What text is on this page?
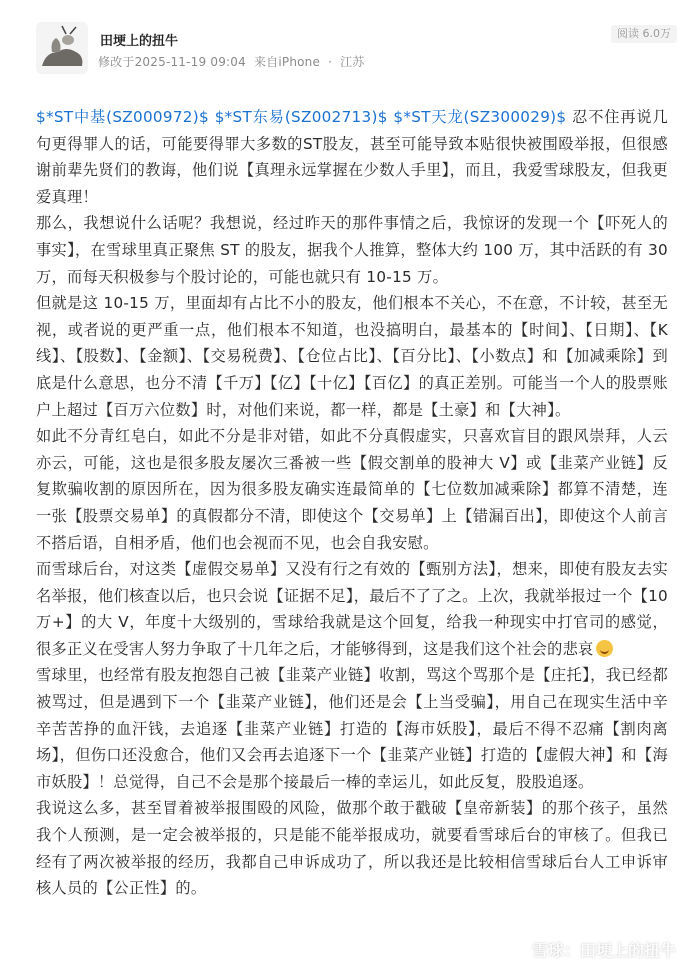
田埂上的扭牛
修改于2025-11-19 09:04 来自iPhone · 江苏
阅读 6.0万

$*ST中基(SZ000972)$ $*ST东易(SZ002713)$ $*ST天龙(SZ300029)$ 忍不住再说几句更得罪人的话，可能要得罪大多数的ST股友，甚至可能导致本贴很快被围殴举报，但很感谢前辈先贤们的教诲，他们说【真理永远掌握在少数人手里】，而且，我爱雪球股友，但我更爱真理！

那么，我想说什么话呢？我想说，经过昨天的那件事情之后，我惊讶的发现一个【吓死人的事实】，在雪球里真正聚焦 ST 的股友，据我个人推算，整体大约 100 万，其中活跃的有 30 万，而每天积极参与个股讨论的，可能也就只有 10-15 万。

但就是这 10-15 万，里面却有占比不小的股友，他们根本不关心，不在意，不计较，甚至无视，或者说的更严重一点，他们根本不知道，也没搞明白，最基本的【时间】、【日期】、【K线】、【股数】、【金额】、【交易税费】、【仓位占比】、【百分比】、【小数点】和【加减乘除】到底是什么意思，也分不清【千万】【亿】【十亿】【百亿】的真正差别。可能当一个人的股票账户上超过【百万六位数】时，对他们来说，都一样，都是【土豪】和【大神】。

如此不分青红皂白，如此不分是非对错，如此不分真假虚实，只喜欢盲目的跟风崇拜，人云亦云，可能，这也是很多股友屡次三番被一些【假交割单的股神大 V】或【韭菜产业链】反复欺骗收割的原因所在，因为很多股友确实连最简单的【七位数加减乘除】都算不清楚，连一张【股票交易单】的真假都分不清，即使这个【交易单】上【错漏百出】，即使这个人前言不搭后语，自相矛盾，他们也会视而不见，也会自我安慰。

而雪球后台，对这类【虚假交易单】又没有行之有效的【甄别方法】，想来，即使有股友去实名举报，他们核查以后，也只会说【证据不足】，最后不了了之。上次，我就举报过一个【10 万+】的大 V，年度十大级别的，雪球给我就是这个回复，给我一种现实中打官司的感觉，很多正义在受害人努力争取了十几年之后，才能够得到，这是我们这个社会的悲哀

雪球里，也经常有股友抱怨自己被【韭菜产业链】收割，骂这个骂那个是【庄托】，我已经都被骂过，但是遇到下一个【韭菜产业链】，他们还是会【上当受骗】，用自己在现实生活中辛辛苦苦挣的血汗钱，去追逐【韭菜产业链】打造的【海市妖股】，最后不得不忍痛【割肉离场】，但伤口还没愈合，他们又会再去追逐下一个【韭菜产业链】打造的【虚假大神】和【海市妖股】！总觉得，自己不会是那个接最后一棒的幸运儿，如此反复，股股追逐。

我说这么多，甚至冒着被举报围殴的风险，做那个敢于戳破【皇帝新装】的那个孩子，虽然我个人预测，是一定会被举报的，只是能不能举报成功，就要看雪球后台的审核了。但我已经有了两次被举报的经历，我都自己申诉成功了，所以我还是比较相信雪球后台人工申诉审核人员的【公正性】的。

雪球：田埂上的扭牛
